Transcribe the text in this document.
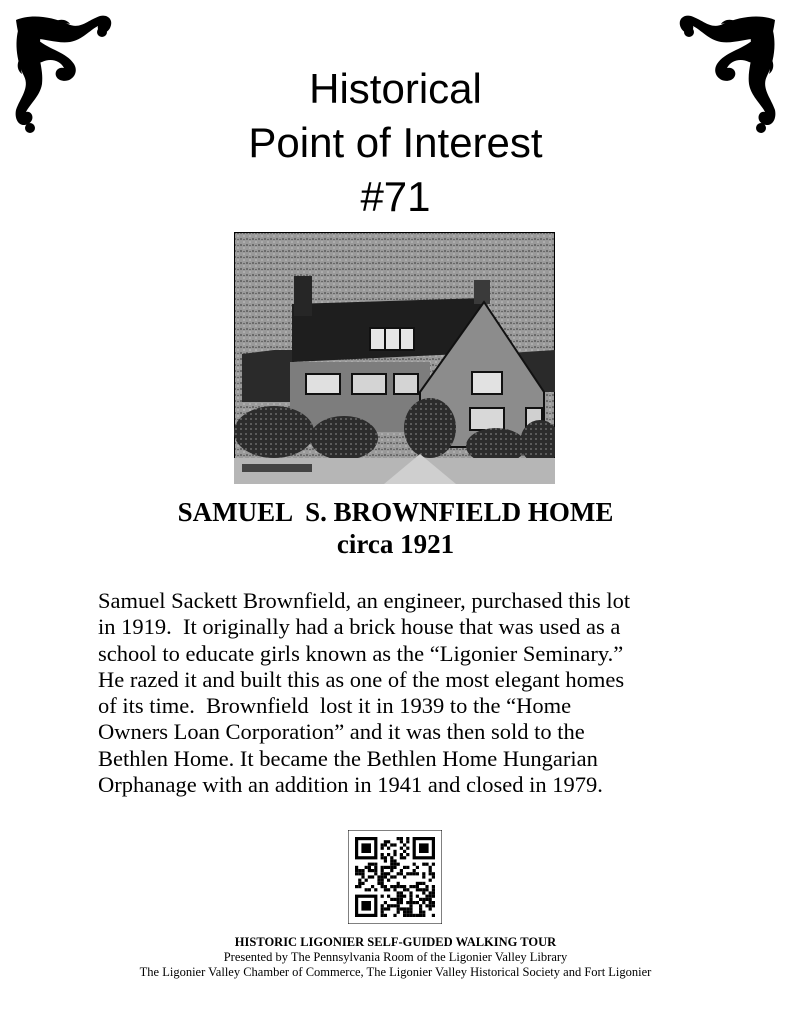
Historical
Point of Interest
#71
SAMUEL  S. BROWNFIELD HOME
circa 1921
Samuel Sackett Brownfield, an engineer, purchased this lot
in 1919.  It originally had a brick house that was used as a
school to educate girls known as the “Ligonier Seminary.”
He razed it and built this as one of the most elegant homes
of its time.  Brownfield  lost it in 1939 to the “Home
Owners Loan Corporation” and it was then sold to the
Bethlen Home. It became the Bethlen Home Hungarian
Orphanage with an addition in 1941 and closed in 1979.
HISTORIC LIGONIER SELF-GUIDED WALKING TOUR
Presented by The Pennsylvania Room of the Ligonier Valley Library
The Ligonier Valley Chamber of Commerce, The Ligonier Valley Historical Society and Fort Ligonier
